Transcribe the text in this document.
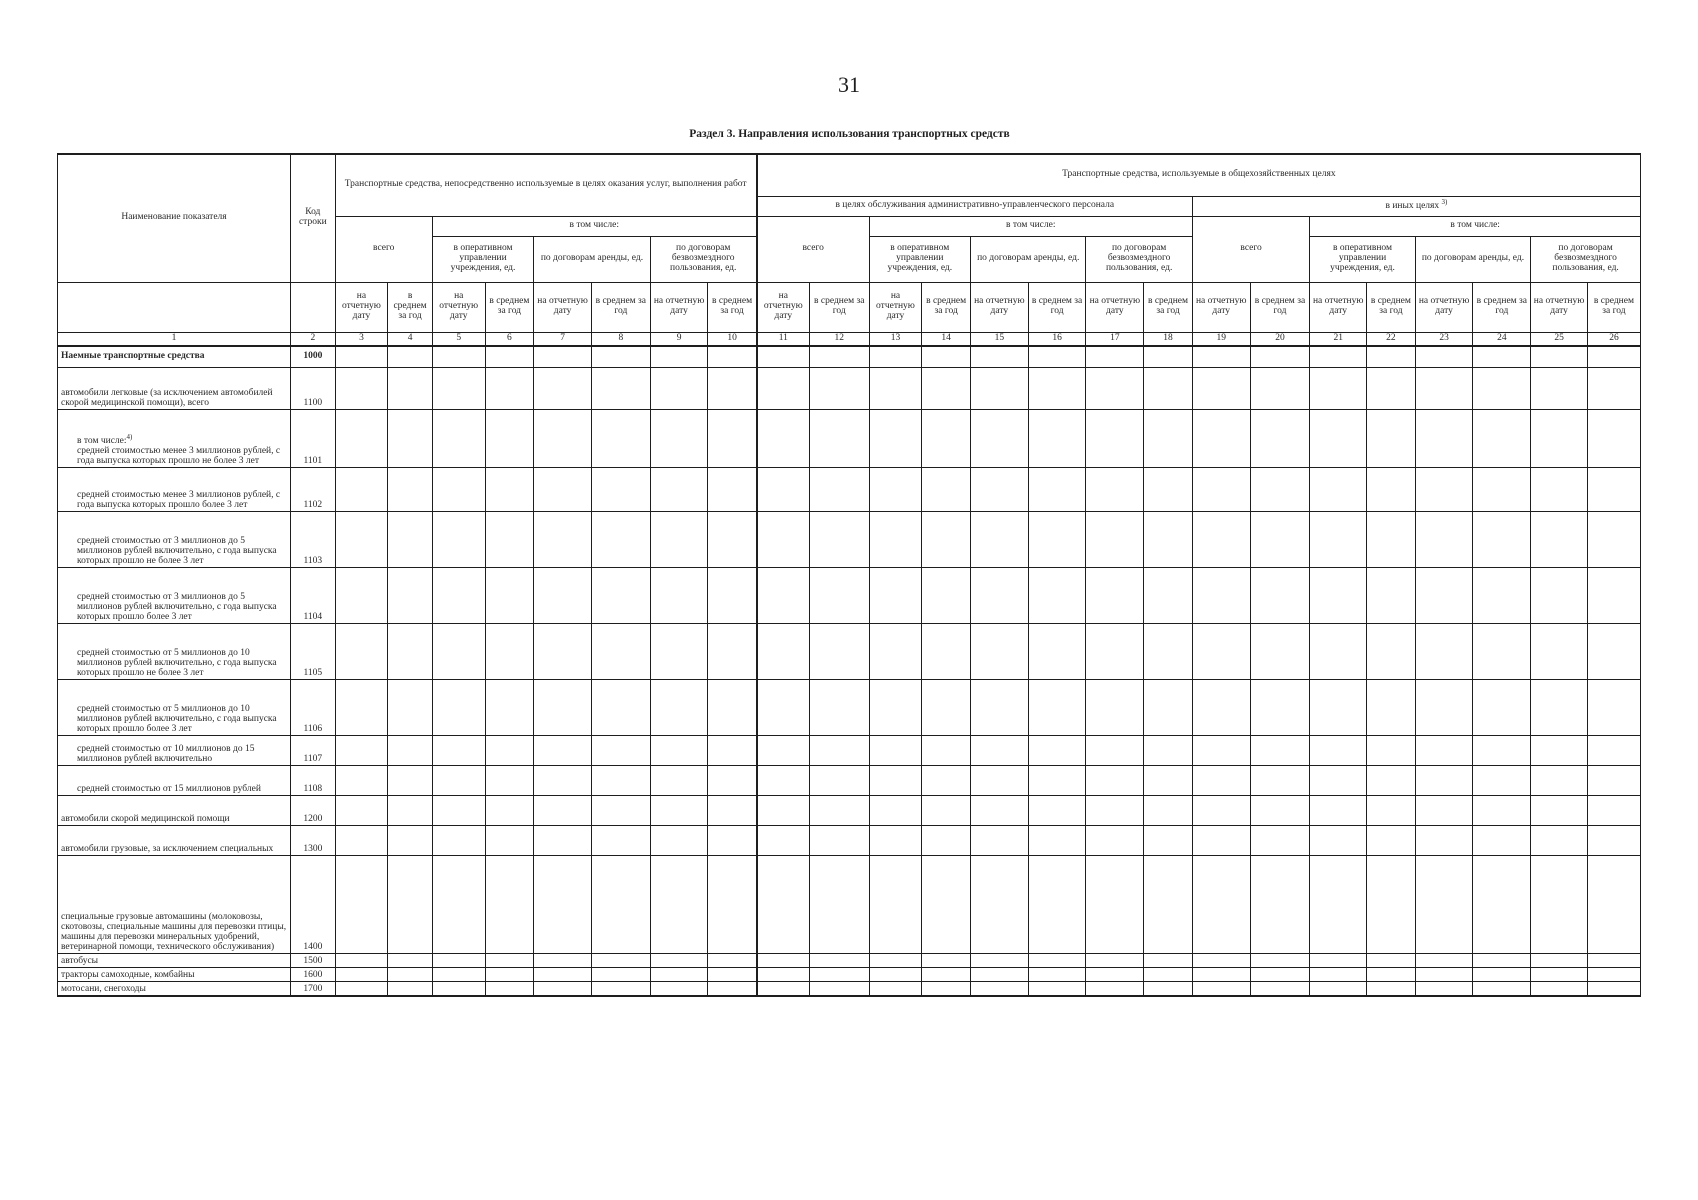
31
Раздел 3. Направления использования транспортных средств
Наименование показателя	Код строки	Транспортные средства, непосредственно используемые в целях оказания услуг, выполнения работ								Транспортные средства, используемые в общехозяйственных целях															
										в целях обслуживания административно-управленческого персонала								в иных целях $^{3)}$
		всего		в том числе:						всего		в том числе:						всего		в том числе:					
				в оперативном управлении учреждения, ед.		по договорам аренды, ед.		по договорам безвозмездного пользования, ед.				в оперативном управлении учреждения, ед.		по договорам аренды, ед.		по договорам безвозмездного пользования, ед.				в оперативном управлении учреждения, ед.		по договорам аренды, ед.		по договорам безвозмездного пользования, ед.	
		на отчетную дату	в среднем за год	на отчетную дату	в среднем за год	на отчетную дату	в среднем за год	на отчетную дату	в среднем за год	на отчетную дату	в среднем за год	на отчетную дату	в среднем за год	на отчетную дату	в среднем за год	на отчетную дату	в среднем за год	на отчетную дату	в среднем за год	на отчетную дату	в среднем за год	на отчетную дату	в среднем за год	на отчетную дату	в среднем за год
1	2	3	4	5	6	7	8	9	10	11	12	13	14	15	16	17	18	19	20	21	22	23	24	25	26
Наемные транспортные средства	1000																								
автомобили легковые (за исключением автомобилей скорой медицинской помощи), всего	1100																								

в том числе:$^{4)}$
средней стоимостью менее 3 миллионов рублей, с года выпуска которых прошло не более 3 лет	1101																								
средней стоимостью менее 3 миллионов рублей, с года выпуска которых прошло более 3 лет	1102																								
средней стоимостью от 3 миллионов до 5 миллионов рублей включительно, с года выпуска которых прошло не более 3 лет	1103																								
средней стоимостью от 3 миллионов до 5 миллионов рублей включительно, с года выпуска которых прошло более 3 лет	1104																								
средней стоимостью от 5 миллионов до 10 миллионов рублей включительно, с года выпуска которых прошло не более 3 лет	1105																								
средней стоимостью от 5 миллионов до 10 миллионов рублей включительно, с года выпуска которых прошло более 3 лет	1106																								
средней стоимостью от 10 миллионов до 15 миллионов рублей включительно	1107																								
средней стоимостью от 15 миллионов рублей	1108																								
автомобили скорой медицинской помощи	1200																								
автомобили грузовые, за исключением специальных	1300																								
специальные грузовые автомашины (молоковозы, скотовозы, специальные машины для перевозки птицы, машины для перевозки минеральных удобрений, ветеринарной помощи, технического обслуживания)	1400																								
автобусы	1500																								
тракторы самоходные, комбайны	1600																								
мотосани, снегоходы	1700																								
